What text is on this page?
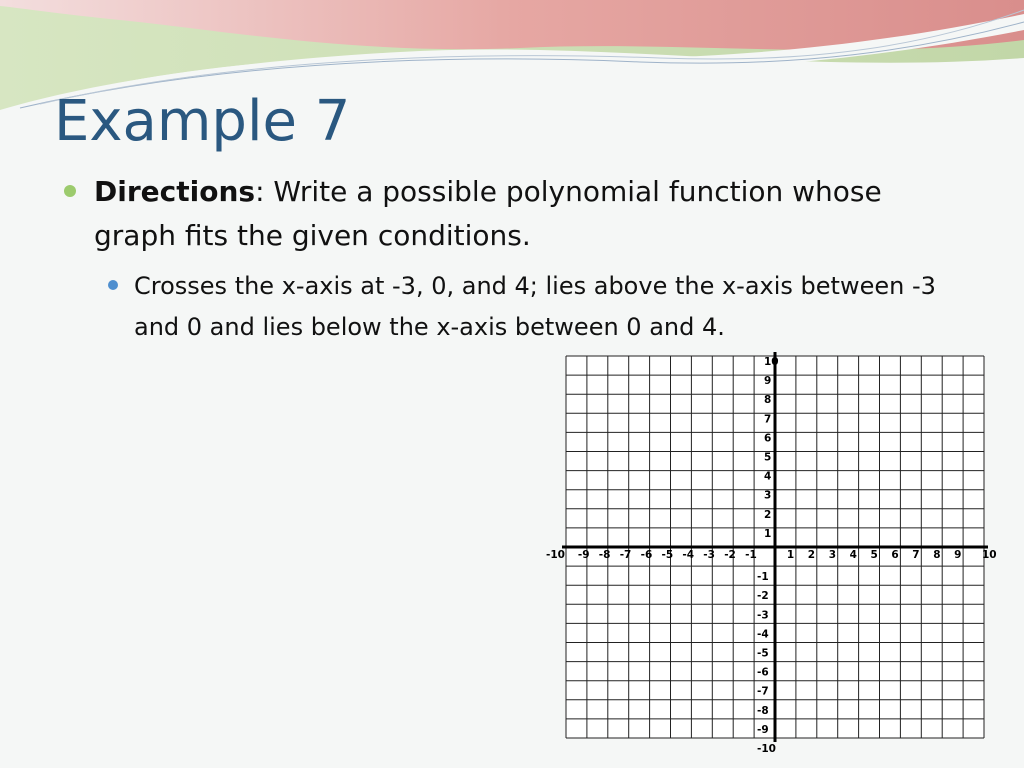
Example 7
Directions: Write a possible polynomial function whose graph fits the given conditions.
Crosses the x-axis at -3, 0, and 4; lies above the x-axis between -3 and 0 and lies below the x-axis between 0 and 4.
-10 -9 -8 -7 -6 -5 -4 -3 -2 -1	1 2 3 4 5 6 7 8 9 10
10
9
8
7
6
5
4
3
2
1
-1
-2
-3
-4
-5
-6
-7
-8
-9
-10
